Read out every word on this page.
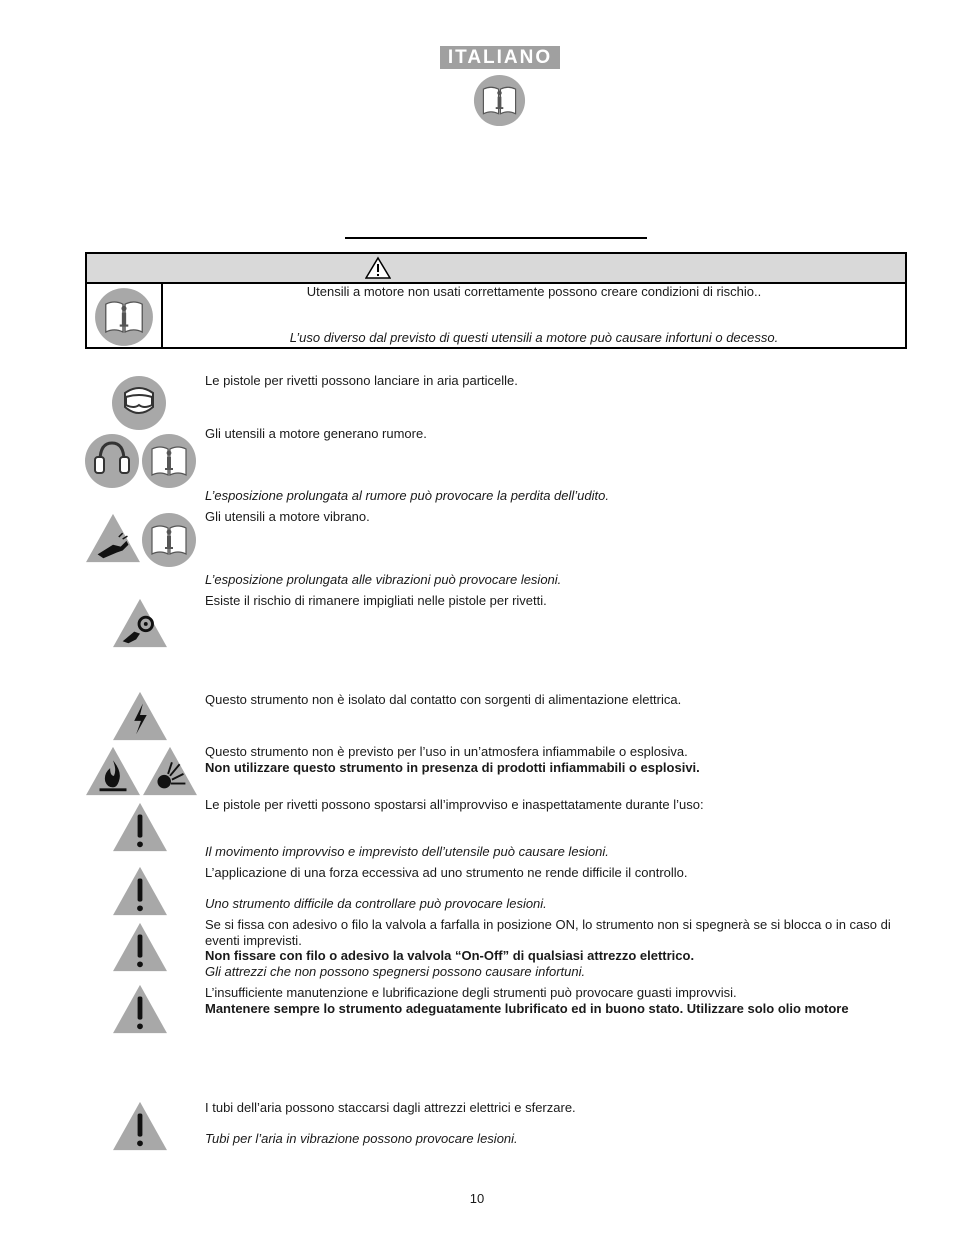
ITALIANO
Utensili a motore non usati correttamente possono creare condizioni di rischio..
L’uso diverso dal previsto di questi utensili a motore può causare infortuni o decesso.
Le pistole per rivetti possono lanciare in aria particelle.
Gli utensili a motore generano rumore.
L’esposizione prolungata al rumore può provocare la perdita dell’udito.
Gli utensili a motore vibrano.
L’esposizione prolungata alle vibrazioni può provocare lesioni.
Esiste il rischio di rimanere impigliati nelle pistole per rivetti.
Questo strumento non è isolato dal contatto con sorgenti di alimentazione elettrica.
Questo strumento non è previsto per l’uso in un’atmosfera infiammabile o esplosiva.
Non utilizzare questo strumento in presenza di prodotti infiammabili o esplosivi.
Le pistole per rivetti possono spostarsi all’improvviso e inaspettatamente durante l’uso:
Il movimento improvviso e imprevisto dell’utensile può causare lesioni.
L’applicazione di una forza eccessiva ad uno strumento ne rende difficile il controllo.
Uno strumento difficile da controllare può provocare lesioni.
Se si fissa con adesivo o filo la valvola a farfalla in posizione ON, lo strumento non si spegnerà se si blocca o in caso di eventi imprevisti.
Non fissare con filo o adesivo la valvola “On-Off” di qualsiasi attrezzo elettrico.
Gli attrezzi che non possono spegnersi possono causare infortuni.
L’insufficiente manutenzione e lubrificazione degli strumenti può provocare guasti improvvisi.
Mantenere sempre lo strumento adeguatamente lubrificato ed in buono stato. Utilizzare solo olio motore
I tubi dell’aria possono staccarsi dagli attrezzi elettrici e sferzare.
Tubi per l’aria in vibrazione possono provocare lesioni.
10
